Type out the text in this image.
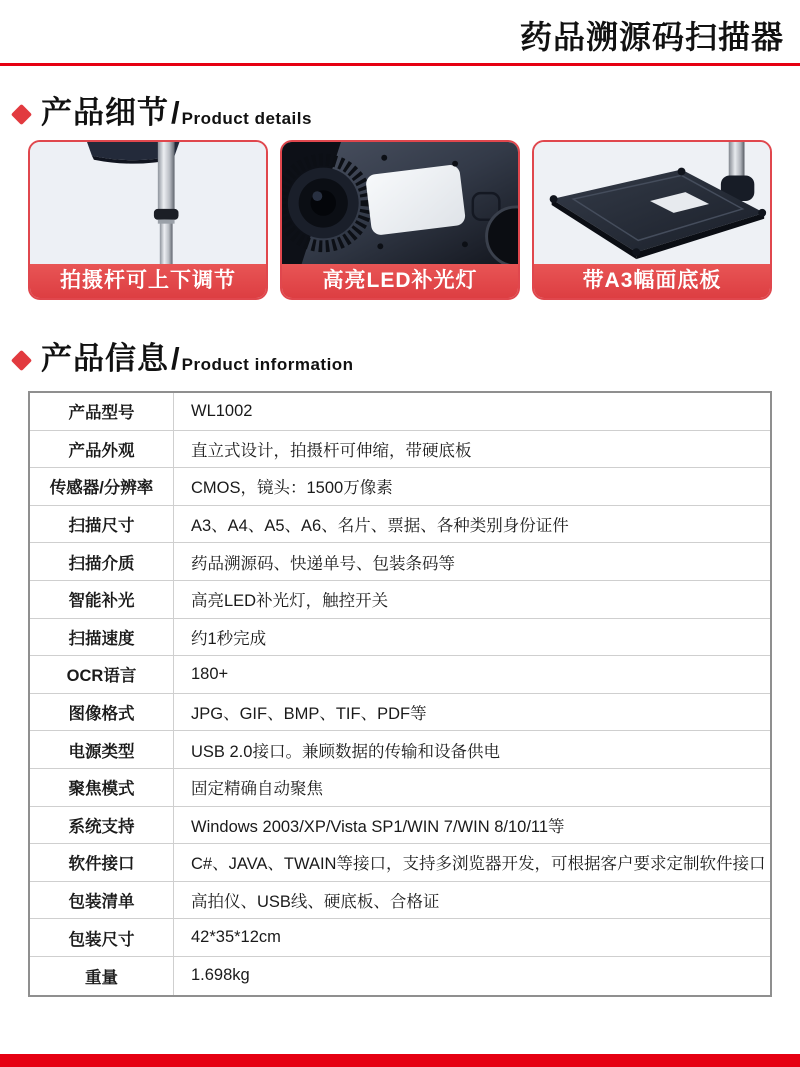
药品溯源码扫描器
产品细节 / Product details
拍摄杆可上下调节	高亮LED补光灯	带A3幅面底板
产品信息 / Product information
产品型号	WL1002
产品外观	直立式设计，拍摄杆可伸缩，带硬底板
传感器/分辨率	CMOS，镜头：1500万像素
扫描尺寸	A3、A4、A5、A6、名片、票据、各种类别身份证件
扫描介质	药品溯源码、快递单号、包装条码等
智能补光	高亮LED补光灯，触控开关
扫描速度	约1秒完成
OCR语言	180+
图像格式	JPG、GIF、BMP、TIF、PDF等
电源类型	USB 2.0接口。兼顾数据的传输和设备供电
聚焦模式	固定精确自动聚焦
系统支持	Windows 2003/XP/Vista SP1/WIN 7/WIN 8/10/11等
软件接口	C#、JAVA、TWAIN等接口，支持多浏览器开发，可根据客户要求定制软件接口
包装清单	高拍仪、USB线、硬底板、合格证
包装尺寸	42*35*12cm
重量	1.698kg
